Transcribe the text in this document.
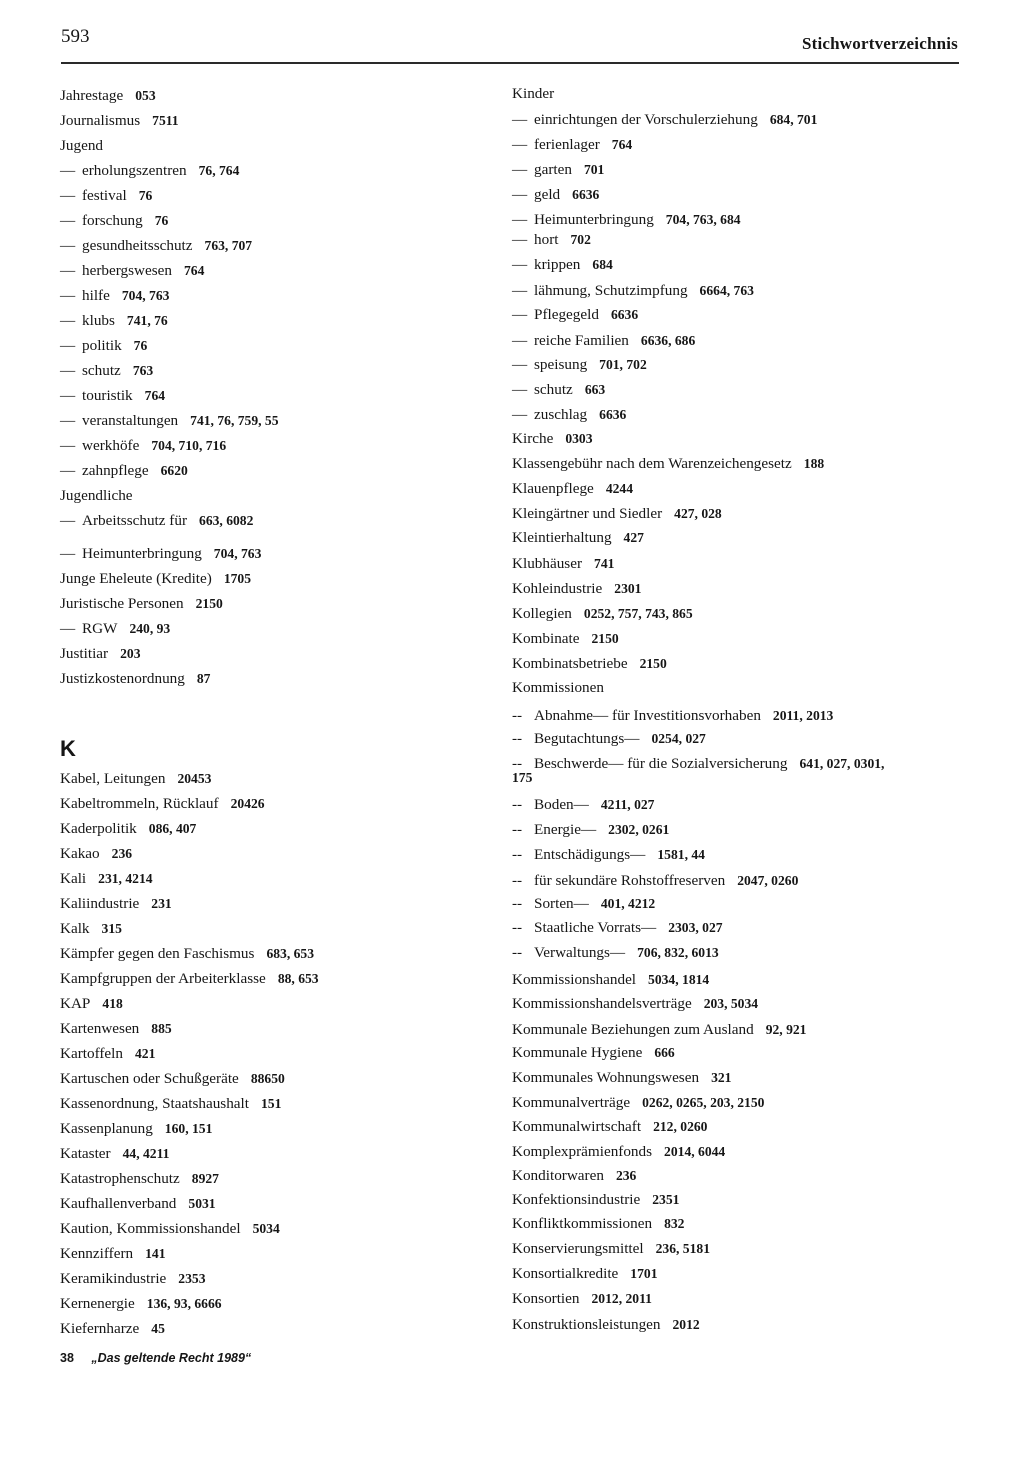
593	Stichwortverzeichnis
Jahrestage 053
Journalismus 7511
Jugend
— erholungszentren 76, 764
— festival 76
— forschung 76
— gesundheitsschutz 763, 707
— herbergswesen 764
— hilfe 704, 763
— klubs 741, 76
— politik 76
— schutz 763
— touristik 764
— veranstaltungen 741, 76, 759, 55
— werkhöfe 704, 710, 716
— zahnpflege 6620
Jugendliche
— Arbeitsschutz für 663, 6082
— Heimunterbringung 704, 763
Junge Eheleute (Kredite) 1705
Juristische Personen 2150
— RGW 240, 93
Justitiar 203
Justizkostenordnung 87
K
Kabel, Leitungen 20453
Kabeltrommeln, Rücklauf 20426
Kaderpolitik 086, 407
Kakao 236
Kali 231, 4214
Kaliindustrie 231
Kalk 315
Kämpfer gegen den Faschismus 683, 653
Kampfgruppen der Arbeiterklasse 88, 653
KAP 418
Kartenwesen 885
Kartoffeln 421
Kartuschen oder Schußgeräte 88650
Kassenordnung, Staatshaushalt 151
Kassenplanung 160, 151
Kataster 44, 4211
Katastrophenschutz 8927
Kaufhallenverband 5031
Kaution, Kommissionshandel 5034
Kennziffern 141
Keramikindustrie 2353
Kernenergie 136, 93, 6666
Kiefernharze 45
Kinder
— einrichtungen der Vorschulerziehung 684, 701
— ferienlager 764
— garten 701
— geld 6636
— Heimunterbringung 704, 763, 684
— hort 702
— krippen 684
— lähmung, Schutzimpfung 6664, 763
— Pflegegeld 6636
— reiche Familien 6636, 686
— speisung 701, 702
— schutz 663
— zuschlag 6636
Kirche 0303
Klassengebühr nach dem Warenzeichengesetz 188
Klauenpflege 4244
Kleingärtner und Siedler 427, 028
Kleintierhaltung 427
Klubhäuser 741
Kohleindustrie 2301
Kollegien 0252, 757, 743, 865
Kombinate 2150
Kombinatsbetriebe 2150
Kommissionen
-- Abnahme— für Investitionsvorhaben 2011, 2013
-- Begutachtungs— 0254, 027
-- Beschwerde— für die Sozialversicherung 641, 027, 0301,
175
-- Boden— 4211, 027
-- Energie— 2302, 0261
-- Entschädigungs— 1581, 44
-- für sekundäre Rohstoffreserven 2047, 0260
-- Sorten— 401, 4212
-- Staatliche Vorrats— 2303, 027
-- Verwaltungs— 706, 832, 6013
Kommissionshandel 5034, 1814
Kommissionshandelsverträge 203, 5034
Kommunale Beziehungen zum Ausland 92, 921
Kommunale Hygiene 666
Kommunales Wohnungswesen 321
Kommunalverträge 0262, 0265, 203, 2150
Kommunalwirtschaft 212, 0260
Komplexprämienfonds 2014, 6044
Konditorwaren 236
Konfektionsindustrie 2351
Konfliktkommissionen 832
Konservierungsmittel 236, 5181
Konsortialkredite 1701
Konsortien 2012, 2011
Konstruktionsleistungen 2012
38 „Das geltende Recht 1989“
